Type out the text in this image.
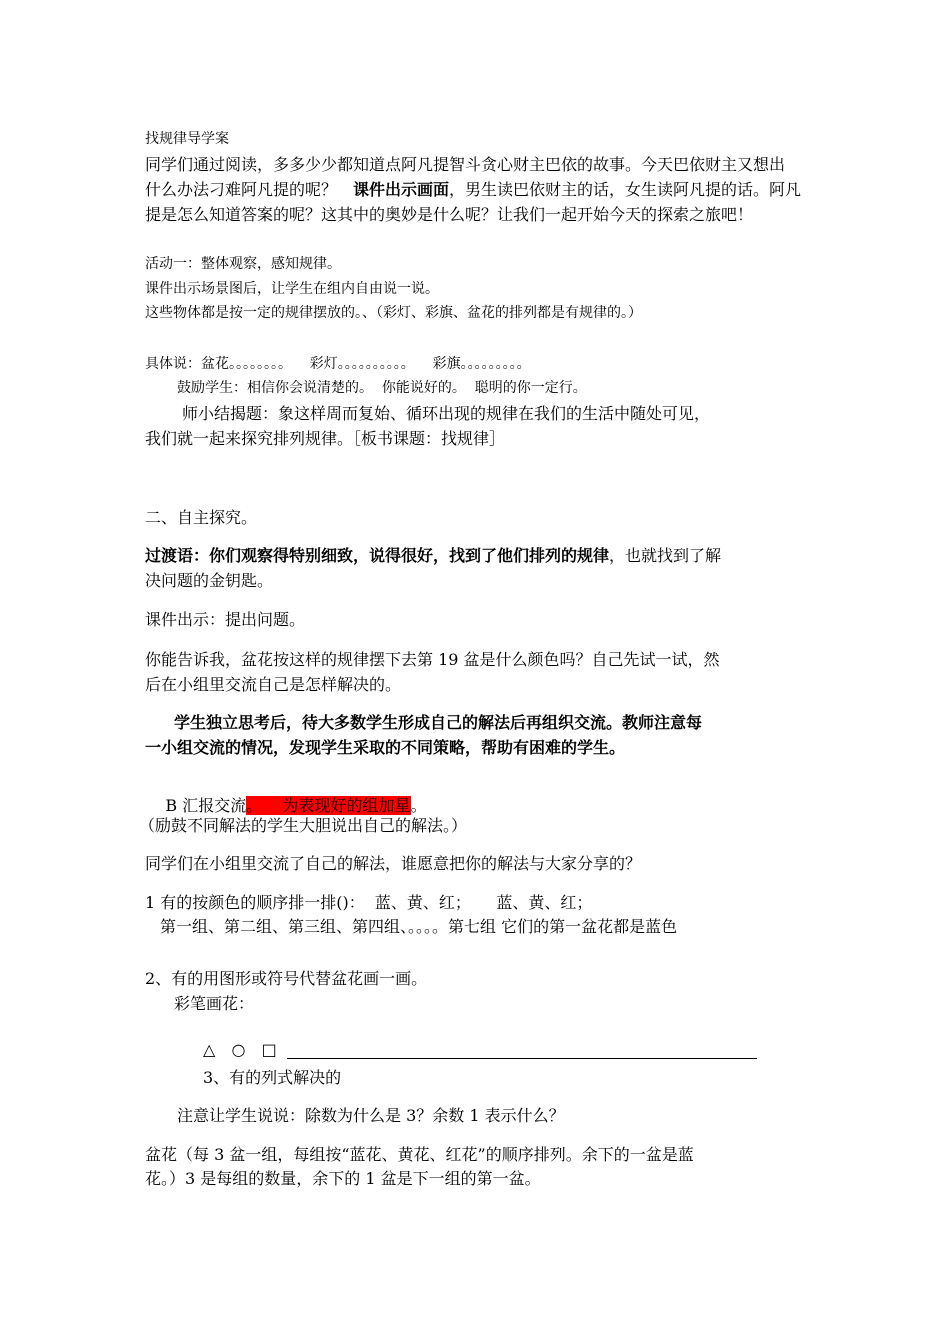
找规律导学案
同学们通过阅读，多多少少都知道点阿凡提智斗贪心财主巴依的故事。今天巴依财主又想出
什么办法刁难阿凡提的呢？ 课件出示画面，男生读巴依财主的话，女生读阿凡提的话。阿凡
提是怎么知道答案的呢？这其中的奥妙是什么呢？让我们一起开始今天的探索之旅吧！
活动一：整体观察，感知规律。
课件出示场景图后，让学生在组内自由说一说。
这些物体都是按一定的规律摆放的。、（彩灯、彩旗、盆花的排列都是有规律的。）
具体说：盆花。。。。。。。。    彩灯。。。。。。。。。。    彩旗。。。。。。。。。
鼓励学生：相信你会说清楚的。  你能说好的。  聪明的你一定行。
师小结揭题：象这样周而复始、循环出现的规律在我们的生活中随处可见，
我们就一起来探究排列规律。［板书课题：找规律］
二、自主探究。
过渡语：你们观察得特别细致，说得很好，找到了他们排列的规律，也就找到了解
决问题的金钥匙。
课件出示：提出问题。
你能告诉我，盆花按这样的规律摆下去第 19 盆是什么颜色吗？自己先试一试，然
后在小组里交流自己是怎样解决的。
学生独立思考后，待大多数学生形成自己的解法后再组织交流。教师注意每
一小组交流的情况，发现学生采取的不同策略，帮助有困难的学生。

B 汇报交流。    为表现好的组加星。

（励鼓不同解法的学生大胆说出自己的解法。）
同学们在小组里交流了自己的解法，谁愿意把你的解法与大家分享的？
1 有的按颜色的顺序排一排()：  蓝、黄、红；     蓝、黄、红；
第一组、第二组、第三组、第四组、。。。。第七组 它们的第一盆花都是蓝色
2、有的用图形或符号代替盆花画一画。
彩笔画花：
△  ○  □
3、有的列式解决的
注意让学生说说：除数为什么是 3？余数 1 表示什么？
盆花（每 3 盆一组，每组按“蓝花、黄花、红花”的顺序排列。余下的一盆是蓝
花。）3 是每组的数量，余下的 1 盆是下一组的第一盆。
